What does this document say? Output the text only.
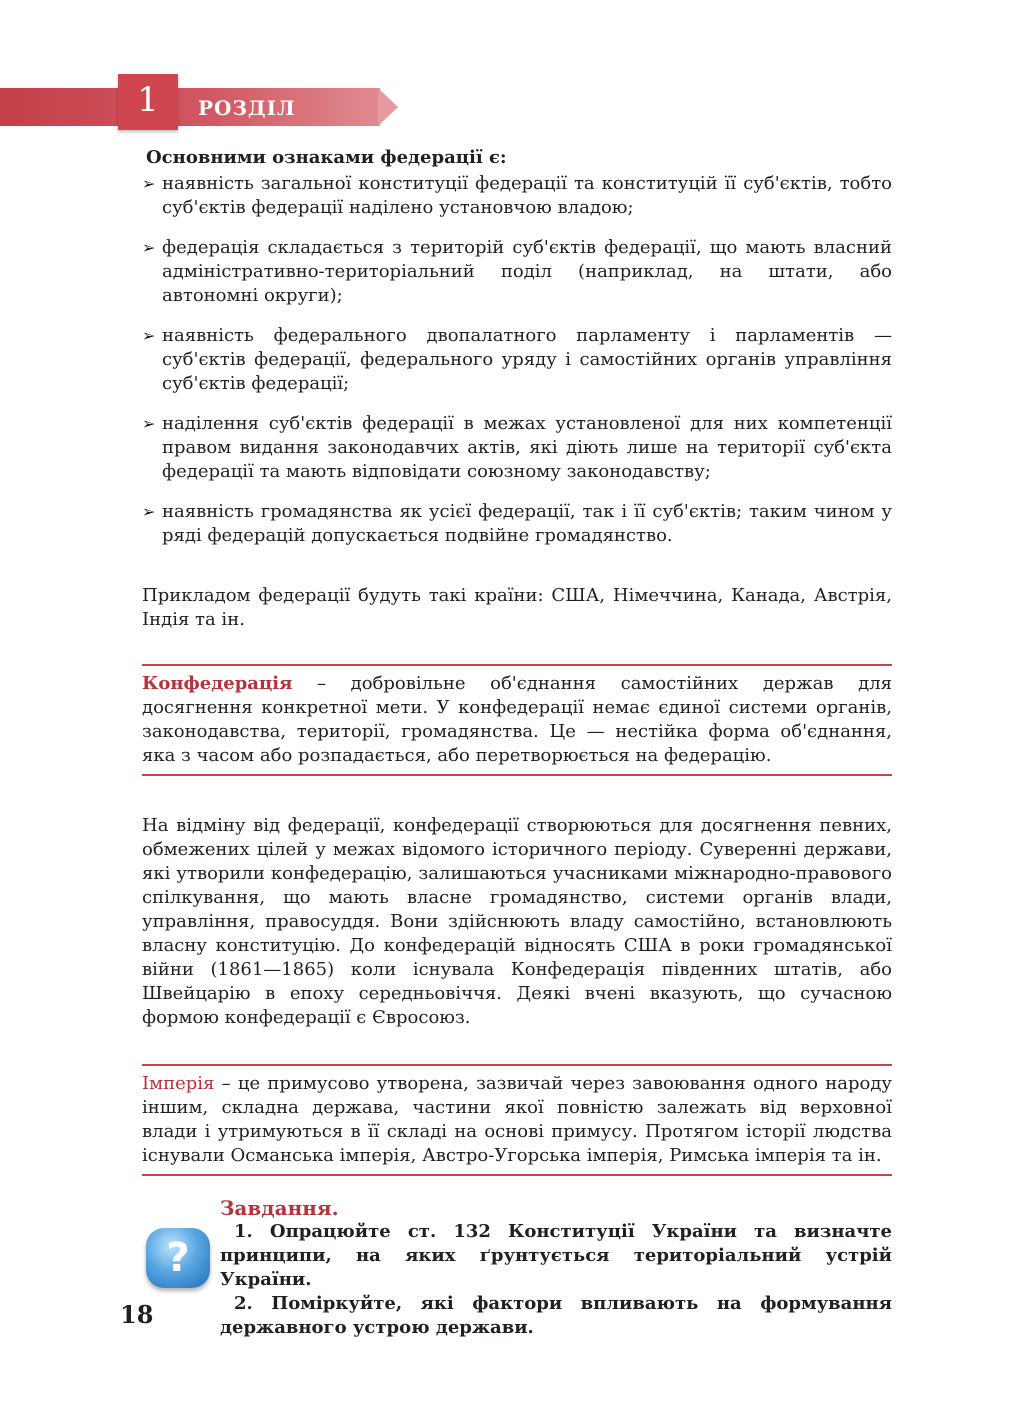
1	РОЗДІЛ
Основними ознаками федерації є:
➢ наявність загальної конституції федерації та конституцій її суб'єктів, тобто суб'єктів федерації наділено установчою владою;
➢ федерація складається з територій суб'єктів федерації, що мають власний адміністративно-територіальний поділ (наприклад, на штати, або автономні округи);
➢ наявність федерального двопалатного парламенту і парламентів — суб'єктів федерації, федерального уряду і самостійних органів управління суб'єктів федерації;
➢ наділення суб'єктів федерації в межах установленої для них компетенції правом видання законодавчих актів, які діють лише на території суб'єкта федерації та мають відповідати союзному законодавству;
➢ наявність громадянства як усієї федерації, так і її суб'єктів; таким чином у ряді федерацій допускається подвійне громадянство.

Прикладом федерації будуть такі країни: США, Німеччина, Канада, Австрія, Індія та ін.

Конфедерація – добровільне об'єднання самостійних держав для досягнення конкретної мети. У конфедерації немає єдиної системи органів, законодавства, території, громадянства. Це — нестійка форма об'єднання, яка з часом або розпадається, або перетворюється на федерацію.

На відміну від федерації, конфедерації створюються для досягнення певних, обмежених цілей у межах відомого історичного періоду. Суверенні держави, які утворили конфедерацію, залишаються учасниками міжнародно-правового спілкування, що мають власне громадянство, системи органів влади, управління, правосуддя. Вони здійснюють владу самостійно, встановлюють власну конституцію. До конфедерацій відносять США в роки громадянської війни (1861—1865) коли існувала Конфедерація південних штатів, або Швейцарію в епоху середньовіччя. Деякі вчені вказують, що сучасною формою конфедерації є Євросоюз.

Імперія – це примусово утворена, зазвичай через завоювання одного народу іншим, складна держава, частини якої повністю залежать від верховної влади і утримуються в її складі на основі примусу. Протягом історії людства існували Османська імперія, Австро-Угорська імперія, Римська імперія та ін.

?
Завдання.

1. Опрацюйте ст. 132 Конституції України та визначте принципи, на яких ґрунтується територіальний устрій України.

2. Поміркуйте, які фактори впливають на формування державного устрою держави.

18
